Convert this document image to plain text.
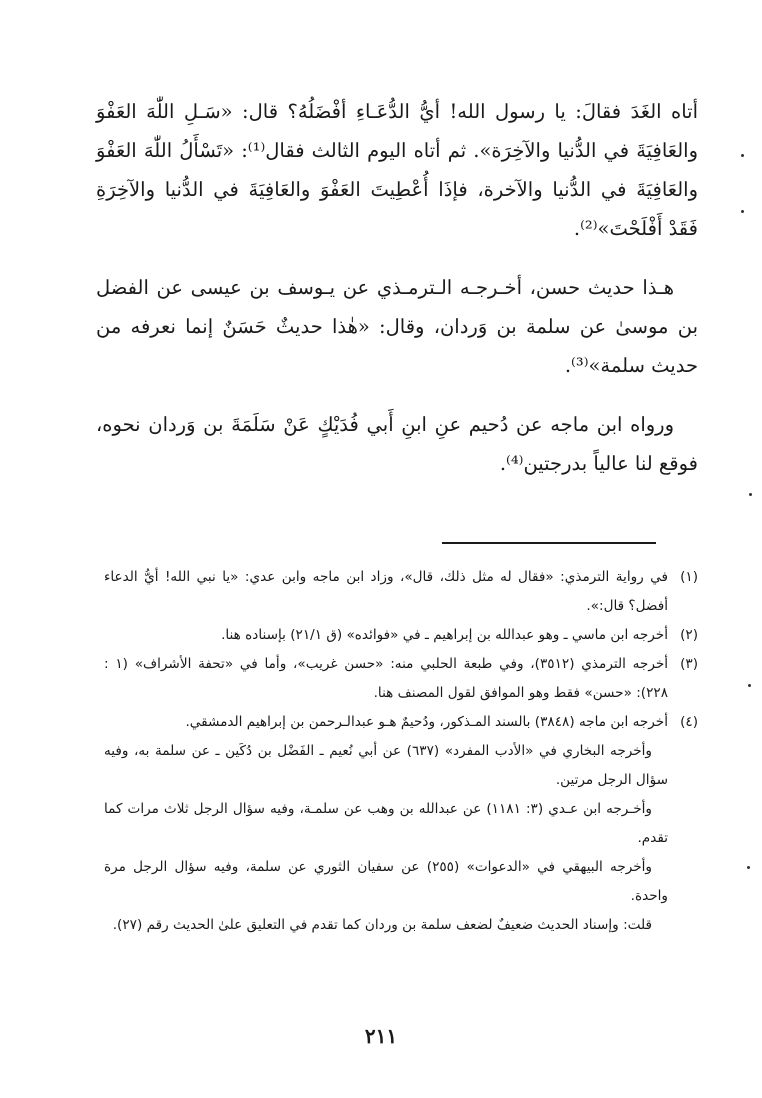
أتاه الغَدَ فقالَ: يا رسول الله! أيُّ الدُّعَـاءِ أفْضَلُهُ؟ قال: «سَـلِ اللّٰهَ العَفْوَ والعَافِيَةَ في الدُّنيا والآخِرَة». ثم أتاه اليوم الثالث فقال⁽¹⁾: «تَسْأَلُ اللّٰهَ العَفْوَ والعَافِيَةَ في الدُّنيا والآخرة، فإذَا أُعْطِيتَ العَفْوَ والعَافِيَةَ في الدُّنيا والآخِرَةِ فَقَدْ أَفْلَحْتَ»⁽²⁾.

هـذا حديث حسن، أخـرجـه الـترمـذي عن يـوسف بن عيسى عن الفضل بن موسىٰ عن سلمة بن وَردان، وقال: «هٰذا حديثٌ حَسَنٌ إنما نعرفه من حديث سلمة»⁽³⁾.

ورواه ابن ماجه عن دُحيم عنِ ابنِ أَبي فُدَيْكٍ عَنْ سَلَمَةَ بن وَردان نحوه، فوقع لنا عالياً بدرجتين⁽⁴⁾.

(١)
في رواية الترمذي: «فقال له مثل ذلك، قال»، وزاد ابن ماجه وابن عدي: «يا نبي الله! أيُّ الدعاء أفضل؟ قال:».
(٢)
أخرجه ابن ماسي ـ وهو عبدالله بن إبراهيم ـ في «فوائده» (ق ٢١/١) بإسناده هنا.
(٣)
أخرجه الترمذي (٣٥١٢)، وفي طبعة الحلبي منه: «حسن غريب»، وأما في «تحفة الأشراف» (١ : ٢٢٨): «حسن» فقط وهو الموافق لقول المصنف هنا.
(٤)
أخرجه ابن ماجه (٣٨٤٨) بالسند المـذكور، ودُحيمٌ هـو عبدالـرحمن بن إبراهيم الدمشقي.
وأخرجه البخاري في «الأدب المفرد» (٦٣٧) عن أبي نُعيم ـ الفَضْل بن دُكَين ـ عن سلمة به، وفيه سؤال الرجل مرتين.
وأخـرجه ابن عـدي (٣: ١١٨١) عن عبدالله بن وهب عن سلمـة، وفيه سؤال الرجل ثلاث مرات كما تقدم.
وأخرجه البيهقي في «الدعوات» (٢٥٥) عن سفيان الثوري عن سلمة، وفيه سؤال الرجل مرة واحدة.
قلت: وإسناد الحديث ضعيفٌ لضعف سلمة بن وردان كما تقدم في التعليق علىٰ الحديث رقم (٢٧).
٢١١
